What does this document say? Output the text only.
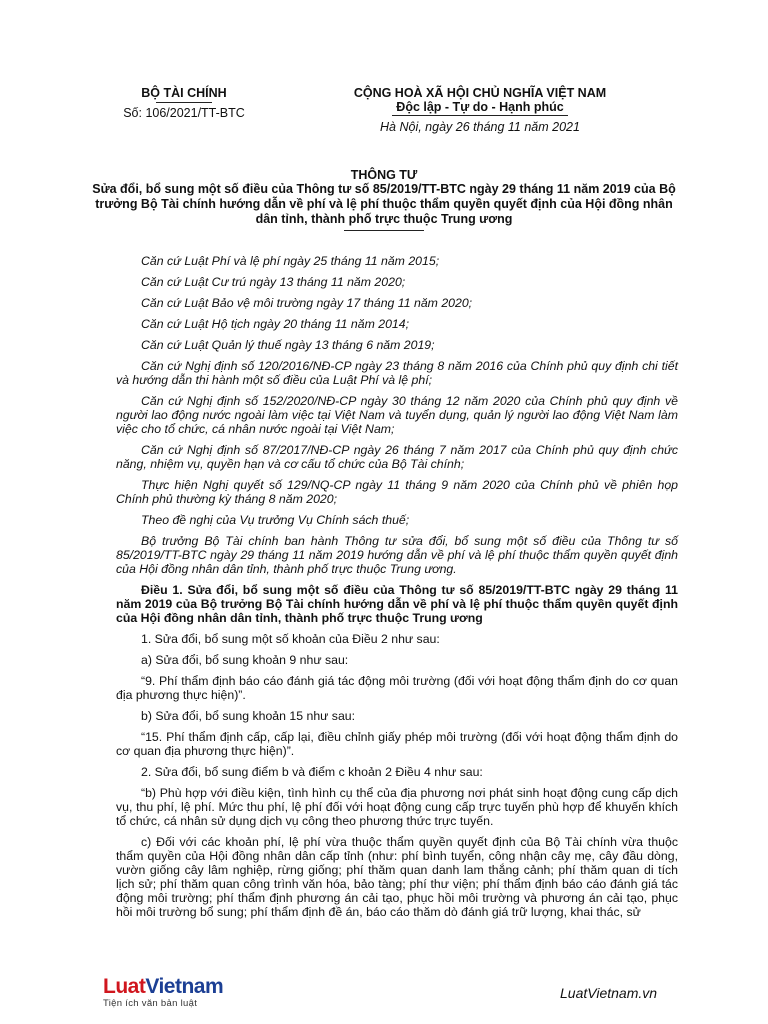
BỘ TÀI CHÍNH
Số: 106/2021/TT-BTC
CỘNG HOÀ XÃ HỘI CHỦ NGHĨA VIỆT NAM
Độc lập - Tự do - Hạnh phúc
Hà Nội, ngày 26 tháng 11 năm 2021
THÔNG TƯ
Sửa đổi, bổ sung một số điều của Thông tư số 85/2019/TT-BTC ngày 29 tháng 11 năm 2019 của Bộ trưởng Bộ Tài chính hướng dẫn về phí và lệ phí thuộc thẩm quyền quyết định của Hội đồng nhân dân tỉnh, thành phố trực thuộc Trung ương

Căn cứ Luật Phí và lệ phí ngày 25 tháng 11 năm 2015;

Căn cứ Luật Cư trú ngày 13 tháng 11 năm 2020;

Căn cứ Luật Bảo vệ môi trường ngày 17 tháng 11 năm 2020;

Căn cứ Luật Hộ tịch ngày 20 tháng 11 năm 2014;

Căn cứ Luật Quản lý thuế ngày 13 tháng 6 năm 2019;

Căn cứ Nghị định số 120/2016/NĐ-CP ngày 23 tháng 8 năm 2016 của Chính phủ quy định chi tiết và hướng dẫn thi hành một số điều của Luật Phí và lệ phí;

Căn cứ Nghị định số 152/2020/NĐ-CP ngày 30 tháng 12 năm 2020 của Chính phủ quy định về người lao động nước ngoài làm việc tại Việt Nam và tuyển dụng, quản lý người lao động Việt Nam làm việc cho tổ chức, cá nhân nước ngoài tại Việt Nam;

Căn cứ Nghị định số 87/2017/NĐ-CP ngày 26 tháng 7 năm 2017 của Chính phủ quy định chức năng, nhiệm vụ, quyền hạn và cơ cấu tổ chức của Bộ Tài chính;

Thực hiện Nghị quyết số 129/NQ-CP ngày 11 tháng 9 năm 2020 của Chính phủ về phiên họp Chính phủ thường kỳ tháng 8 năm 2020;

Theo đề nghị của Vụ trưởng Vụ Chính sách thuế;

Bộ trưởng Bộ Tài chính ban hành Thông tư sửa đổi, bổ sung một số điều của Thông tư số 85/2019/TT-BTC ngày 29 tháng 11 năm 2019 hướng dẫn về phí và lệ phí thuộc thẩm quyền quyết định của Hội đồng nhân dân tỉnh, thành phố trực thuộc Trung ương.

Điều 1. Sửa đổi, bổ sung một số điều của Thông tư số 85/2019/TT-BTC ngày 29 tháng 11 năm 2019 của Bộ trưởng Bộ Tài chính hướng dẫn về phí và lệ phí thuộc thẩm quyền quyết định của Hội đồng nhân dân tỉnh, thành phố trực thuộc Trung ương

1. Sửa đổi, bổ sung một số khoản của Điều 2 như sau:

a) Sửa đổi, bổ sung khoản 9 như sau:

“9. Phí thẩm định báo cáo đánh giá tác động môi trường (đối với hoạt động thẩm định do cơ quan địa phương thực hiện)”.

b) Sửa đổi, bổ sung khoản 15 như sau:

“15. Phí thẩm định cấp, cấp lại, điều chỉnh giấy phép môi trường (đối với hoạt động thẩm định do cơ quan địa phương thực hiện)”.

2. Sửa đổi, bổ sung điểm b và điểm c khoản 2 Điều 4 như sau:

“b) Phù hợp với điều kiện, tình hình cụ thể của địa phương nơi phát sinh hoạt động cung cấp dịch vụ, thu phí, lệ phí. Mức thu phí, lệ phí đối với hoạt động cung cấp trực tuyến phù hợp để khuyến khích tổ chức, cá nhân sử dụng dịch vụ công theo phương thức trực tuyến.

c) Đối với các khoản phí, lệ phí vừa thuộc thẩm quyền quyết định của Bộ Tài chính vừa thuộc thẩm quyền của Hội đồng nhân dân cấp tỉnh (như: phí bình tuyển, công nhận cây mẹ, cây đầu dòng, vườn giống cây lâm nghiệp, rừng giống; phí thăm quan danh lam thắng cảnh; phí thăm quan di tích lịch sử; phí thăm quan công trình văn hóa, bảo tàng; phí thư viện; phí thẩm định báo cáo đánh giá tác động môi trường; phí thẩm định phương án cải tạo, phục hồi môi trường và phương án cải tạo, phục hồi môi trường bổ sung; phí thẩm định đề án, báo cáo thăm dò đánh giá trữ lượng, khai thác, sử

LuatVietnam
Tiện ích văn bản luật
LuatVietnam.vn
